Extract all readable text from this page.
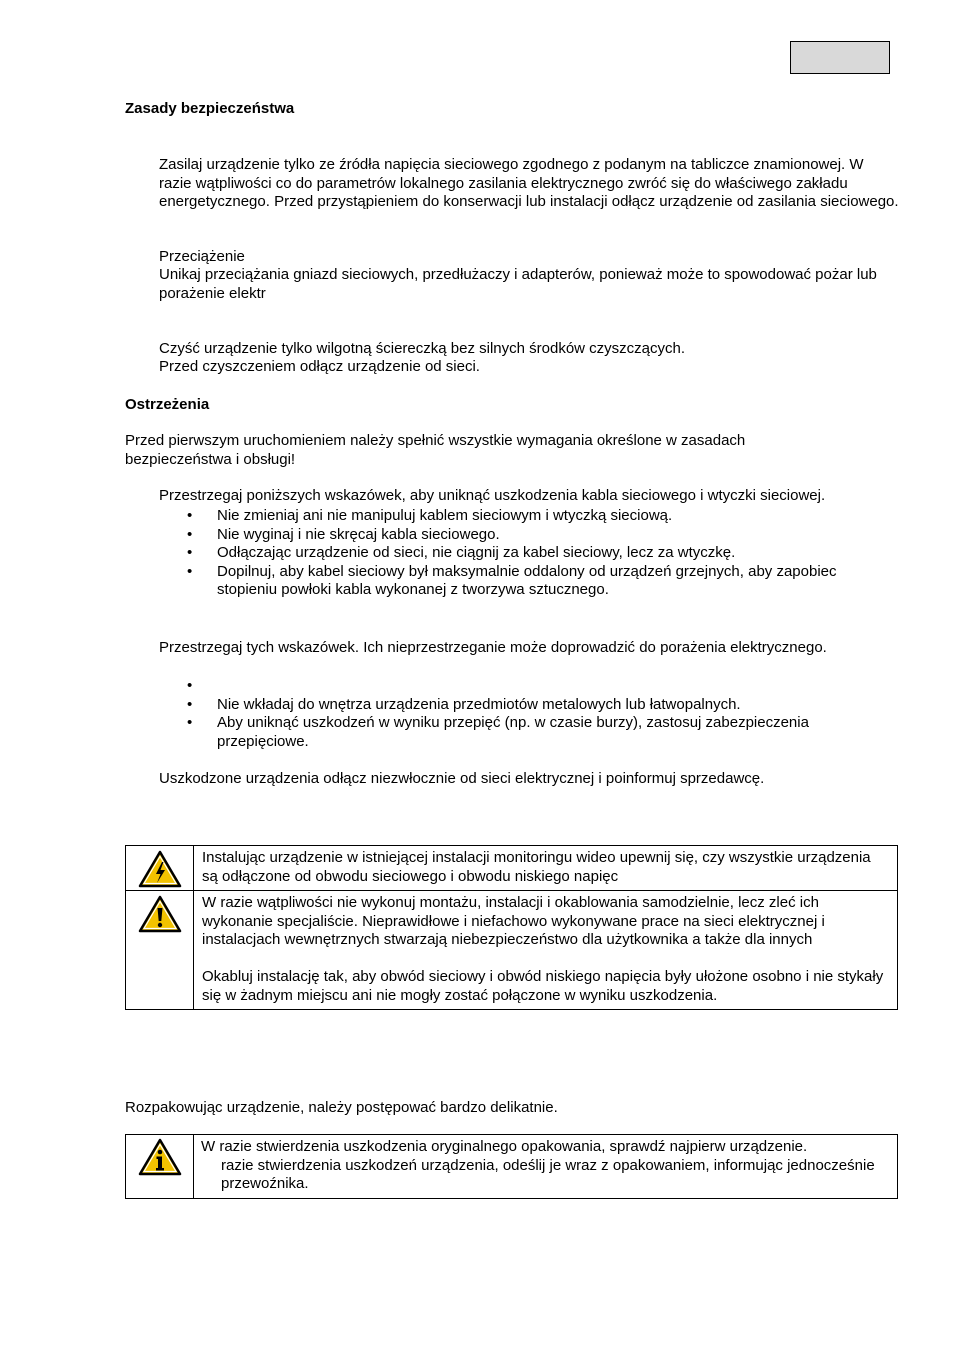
Zasady bezpieczeństwa
Zasilaj urządzenie tylko ze źródła napięcia sieciowego zgodnego z podanym na tabliczce znamionowej. W razie wątpliwości co do parametrów lokalnego zasilania elektrycznego zwróć się do właściwego zakładu energetycznego. Przed przystąpieniem do konserwacji lub instalacji odłącz urządzenie od zasilania sieciowego.
Przeciążenie
Unikaj przeciążania gniazd sieciowych, przedłużaczy i adapterów, ponieważ może to spowodować pożar lub porażenie elektr
Czyść urządzenie tylko wilgotną ściereczką bez silnych środków czyszczących.
Przed czyszczeniem odłącz urządzenie od sieci.
Ostrzeżenia
Przed pierwszym uruchomieniem należy spełnić wszystkie wymagania określone w zasadach bezpieczeństwa i obsługi!
Przestrzegaj poniższych wskazówek, aby uniknąć uszkodzenia kabla sieciowego i wtyczki sieciowej.
• Nie zmieniaj ani nie manipuluj kablem sieciowym i wtyczką sieciową.
• Nie wyginaj i nie skręcaj kabla sieciowego.
• Odłączając urządzenie od sieci, nie ciągnij za kabel sieciowy, lecz za wtyczkę.
• Dopilnuj, aby kabel sieciowy był maksymalnie oddalony od urządzeń grzejnych, aby zapobiec stopieniu powłoki kabla wykonanej z tworzywa sztucznego.
Przestrzegaj tych wskazówek. Ich nieprzestrzeganie może doprowadzić do porażenia elektrycznego.
•
• Nie wkładaj do wnętrza urządzenia przedmiotów metalowych lub łatwopalnych.
• Aby uniknąć uszkodzeń w wyniku przepięć (np. w czasie burzy), zastosuj zabezpieczenia przepięciowe.
Uszkodzone urządzenia odłącz niezwłocznie od sieci elektrycznej i poinformuj sprzedawcę.
	Instalując urządzenie w istniejącej instalacji monitoringu wideo upewnij się, czy wszystkie urządzenia są odłączone od obwodu sieciowego i obwodu niskiego napięc

W razie wątpliwości nie wykonuj montażu, instalacji i okablowania samodzielnie, lecz zleć ich wykonanie specjaliście. Nieprawidłowe i niefachowo wykonywane prace na sieci elektrycznej i instalacjach wewnętrznych stwarzają niebezpieczeństwo dla użytkownika a także dla innych
Okabluj instalację tak, aby obwód sieciowy i obwód niskiego napięcia były ułożone osobno i nie stykały się w żadnym miejscu ani nie mogły zostać połączone w wyniku uszkodzenia.
Rozpakowując urządzenie, należy postępować bardzo delikatnie.

W razie stwierdzenia uszkodzenia oryginalnego opakowania, sprawdź najpierw urządzenie.
razie stwierdzenia uszkodzeń urządzenia, odeślij je wraz z opakowaniem, informując jednocześnie przewoźnika.
